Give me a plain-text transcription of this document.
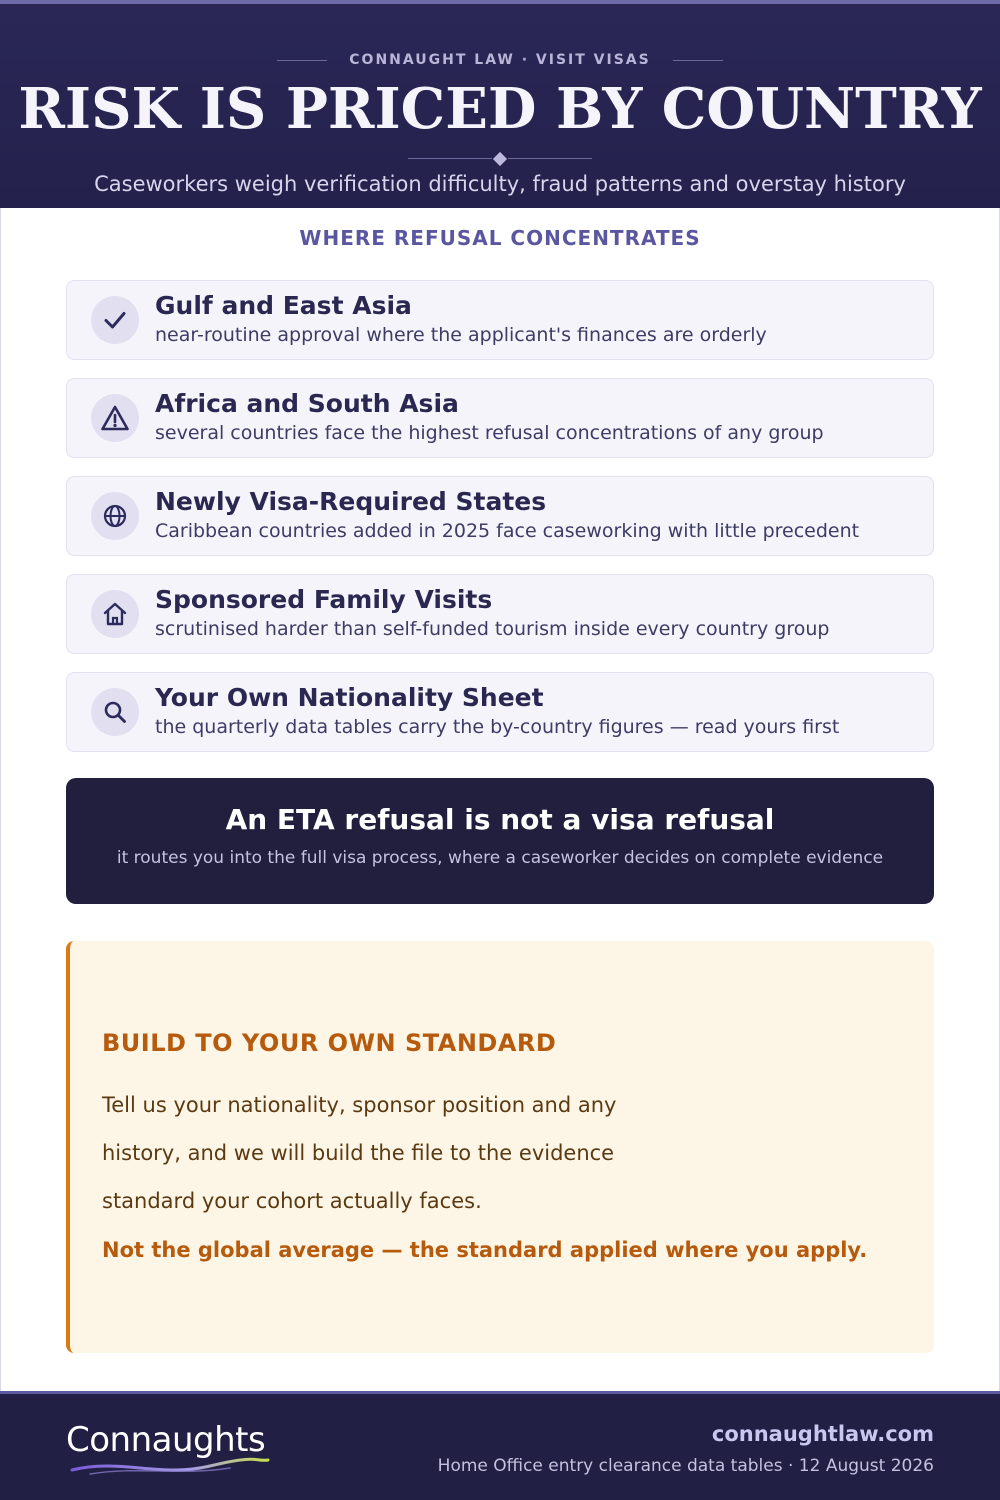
CONNAUGHT LAW · VISIT VISAS
RISK IS PRICED BY COUNTRY

Caseworkers weigh verification difficulty, fraud patterns and overstay history

WHERE REFUSAL CONCENTRATES
Gulf and East Asia
near-routine approval where the applicant's finances are orderly
Africa and South Asia
several countries face the highest refusal concentrations of any group
Newly Visa-Required States
Caribbean countries added in 2025 face caseworking with little precedent
Sponsored Family Visits
scrutinised harder than self-funded tourism inside every country group
Your Own Nationality Sheet
the quarterly data tables carry the by-country figures — read yours first
An ETA refusal is not a visa refusal
it routes you into the full visa process, where a caseworker decides on complete evidence
BUILD TO YOUR OWN STANDARD

Tell us your nationality, sponsor position and any history, and we will build the file to the evidence standard your cohort actually faces.

Not the global average — the standard applied where you apply.
Connaughts	connaughtlaw.com
Home Office entry clearance data tables · 12 August 2026
